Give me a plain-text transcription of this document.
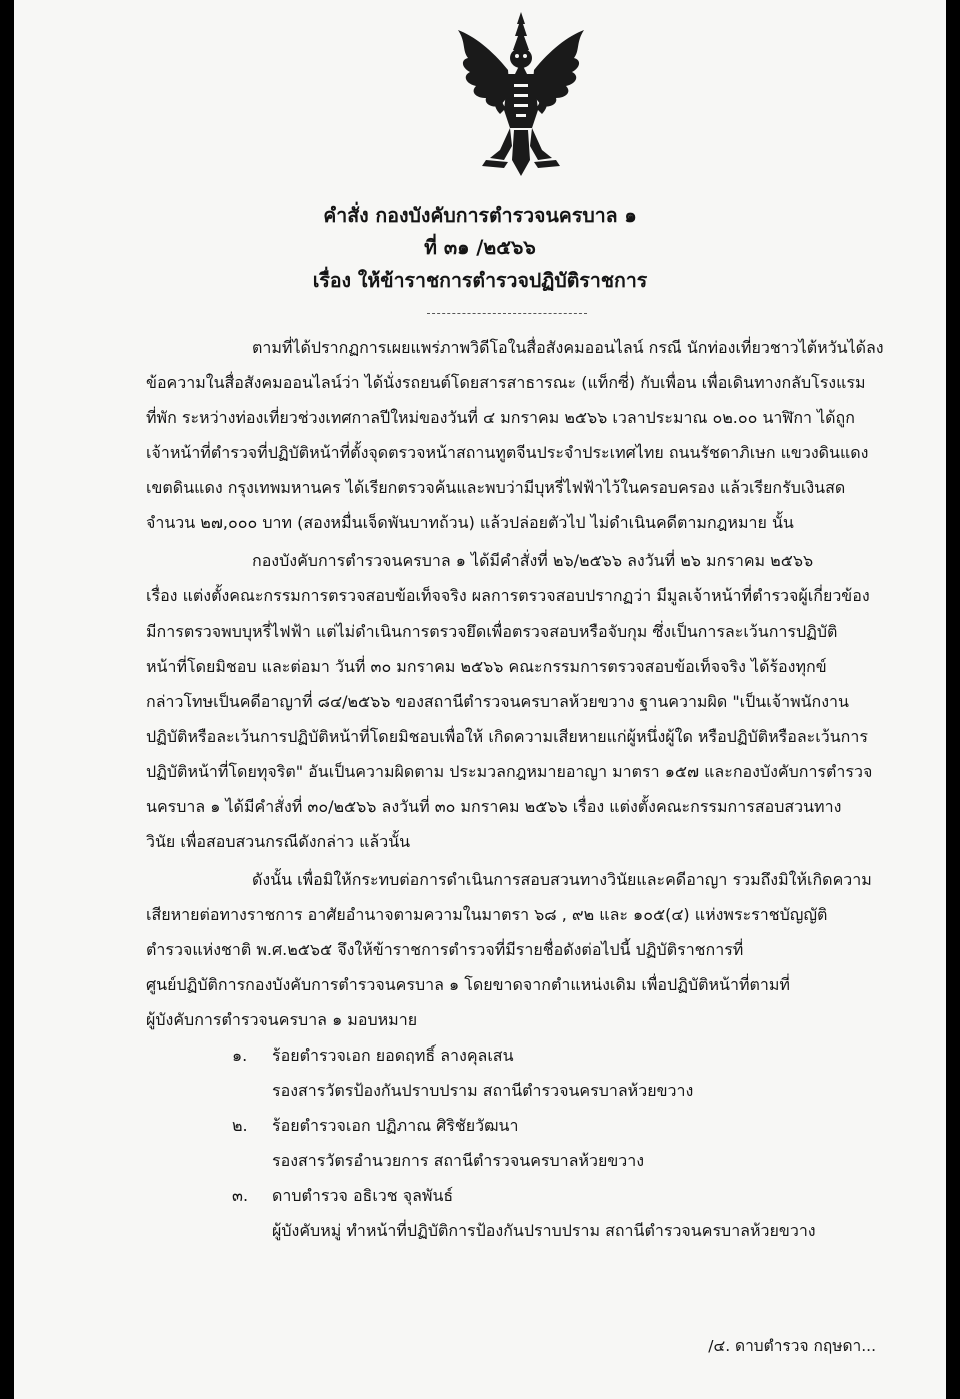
คำสั่ง กองบังคับการตำรวจนครบาล ๑
ที่ ๓๑ /๒๕๖๖
เรื่อง ให้ข้าราชการตำรวจปฏิบัติราชการ
ตามที่ได้ปรากฏการเผยแพร่ภาพวิดีโอในสื่อสังคมออนไลน์ กรณี นักท่องเที่ยวชาวไต้หวันได้ลง
ข้อความในสื่อสังคมออนไลน์ว่า ได้นั่งรถยนต์โดยสารสาธารณะ (แท็กซี่) กับเพื่อน เพื่อเดินทางกลับโรงแรม
ที่พัก ระหว่างท่องเที่ยวช่วงเทศกาลปีใหม่ของวันที่ ๔ มกราคม ๒๕๖๖ เวลาประมาณ ๐๒.๐๐ นาฬิกา ได้ถูก
เจ้าหน้าที่ตำรวจที่ปฏิบัติหน้าที่ตั้งจุดตรวจหน้าสถานทูตจีนประจำประเทศไทย ถนนรัชดาภิเษก แขวงดินแดง
เขตดินแดง กรุงเทพมหานคร ได้เรียกตรวจค้นและพบว่ามีบุหรี่ไฟฟ้าไว้ในครอบครอง แล้วเรียกรับเงินสด
จำนวน ๒๗,๐๐๐ บาท (สองหมื่นเจ็ดพันบาทถ้วน) แล้วปล่อยตัวไป ไม่ดำเนินคดีตามกฎหมาย นั้น
กองบังคับการตำรวจนครบาล ๑ ได้มีคำสั่งที่ ๒๖/๒๕๖๖ ลงวันที่ ๒๖ มกราคม ๒๕๖๖
เรื่อง แต่งตั้งคณะกรรมการตรวจสอบข้อเท็จจริง ผลการตรวจสอบปรากฏว่า มีมูลเจ้าหน้าที่ตำรวจผู้เกี่ยวข้อง
มีการตรวจพบบุหรี่ไฟฟ้า แต่ไม่ดำเนินการตรวจยึดเพื่อตรวจสอบหรือจับกุม ซึ่งเป็นการละเว้นการปฏิบัติ
หน้าที่โดยมิชอบ และต่อมา วันที่ ๓๐ มกราคม ๒๕๖๖ คณะกรรมการตรวจสอบข้อเท็จจริง ได้ร้องทุกข์
กล่าวโทษเป็นคดีอาญาที่ ๘๔/๒๕๖๖ ของสถานีตำรวจนครบาลห้วยขวาง ฐานความผิด "เป็นเจ้าพนักงาน
ปฏิบัติหรือละเว้นการปฏิบัติหน้าที่โดยมิชอบเพื่อให้ เกิดความเสียหายแก่ผู้หนึ่งผู้ใด หรือปฏิบัติหรือละเว้นการ
ปฏิบัติหน้าที่โดยทุจริต" อันเป็นความผิดตาม ประมวลกฎหมายอาญา มาตรา ๑๕๗ และกองบังคับการตำรวจ
นครบาล ๑ ได้มีคำสั่งที่ ๓๐/๒๕๖๖ ลงวันที่ ๓๐ มกราคม ๒๕๖๖ เรื่อง แต่งตั้งคณะกรรมการสอบสวนทาง
วินัย เพื่อสอบสวนกรณีดังกล่าว แล้วนั้น
ดังนั้น เพื่อมิให้กระทบต่อการดำเนินการสอบสวนทางวินัยและคดีอาญา รวมถึงมิให้เกิดความ
เสียหายต่อทางราชการ อาศัยอำนาจตามความในมาตรา ๖๘ , ๙๒ และ ๑๐๕(๔) แห่งพระราชบัญญัติ
ตำรวจแห่งชาติ พ.ศ.๒๕๖๕ จึงให้ข้าราชการตำรวจที่มีรายชื่อดังต่อไปนี้ ปฏิบัติราชการที่
ศูนย์ปฏิบัติการกองบังคับการตำรวจนครบาล ๑ โดยขาดจากตำแหน่งเดิม เพื่อปฏิบัติหน้าที่ตามที่
ผู้บังคับการตำรวจนครบาล ๑ มอบหมาย
๑. ร้อยตำรวจเอก ยอดฤทธิ์ ลางคุลเสน
รองสารวัตรป้องกันปราบปราม สถานีตำรวจนครบาลห้วยขวาง
๒. ร้อยตำรวจเอก ปฏิภาณ ศิริชัยวัฒนา
รองสารวัตรอำนวยการ สถานีตำรวจนครบาลห้วยขวาง
๓. ดาบตำรวจ อธิเวช จุลพันธ์
ผู้บังคับหมู่ ทำหน้าที่ปฏิบัติการป้องกันปราบปราม สถานีตำรวจนครบาลห้วยขวาง
/๔. ดาบตำรวจ กฤษดา...
